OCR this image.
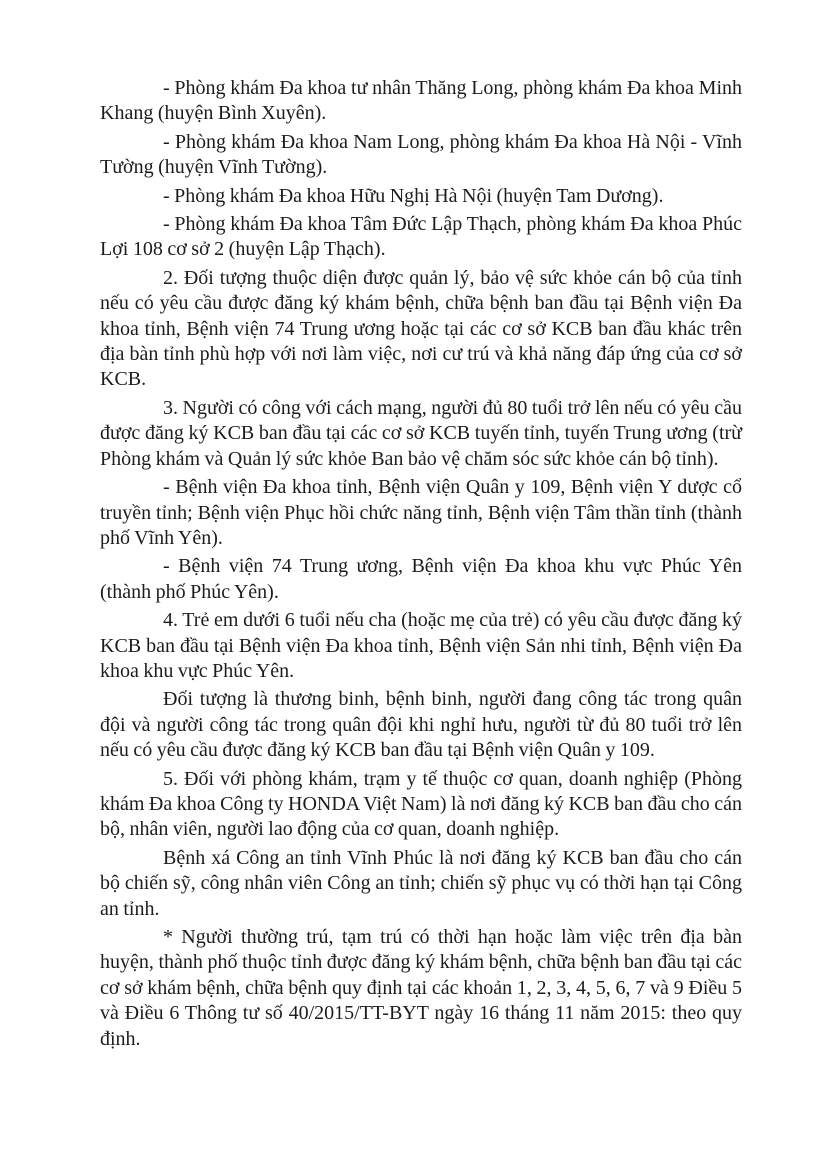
- Phòng khám Đa khoa tư nhân Thăng Long, phòng khám Đa khoa Minh Khang (huyện Bình Xuyên).

- Phòng khám Đa khoa Nam Long, phòng khám Đa khoa Hà Nội - Vĩnh Tường (huyện Vĩnh Tường).

- Phòng khám Đa khoa Hữu Nghị Hà Nội (huyện Tam Dương).

- Phòng khám Đa khoa Tâm Đức Lập Thạch, phòng khám Đa khoa Phúc Lợi 108 cơ sở 2 (huyện Lập Thạch).

2. Đối tượng thuộc diện được quản lý, bảo vệ sức khỏe cán bộ của tỉnh nếu có yêu cầu được đăng ký khám bệnh, chữa bệnh ban đầu tại Bệnh viện Đa khoa tỉnh, Bệnh viện 74 Trung ương hoặc tại các cơ sở KCB ban đầu khác trên địa bàn tỉnh phù hợp với nơi làm việc, nơi cư trú và khả năng đáp ứng của cơ sở KCB.

3. Người có công với cách mạng, người đủ 80 tuổi trở lên nếu có yêu cầu được đăng ký KCB ban đầu tại các cơ sở KCB tuyến tỉnh, tuyến Trung ương (trừ Phòng khám và Quản lý sức khỏe Ban bảo vệ chăm sóc sức khỏe cán bộ tỉnh).

- Bệnh viện Đa khoa tỉnh, Bệnh viện Quân y 109, Bệnh viện Y dược cổ truyền tỉnh; Bệnh viện Phục hồi chức năng tỉnh, Bệnh viện Tâm thần tỉnh (thành phố Vĩnh Yên).

- Bệnh viện 74 Trung ương, Bệnh viện Đa khoa khu vực Phúc Yên (thành phố Phúc Yên).

4. Trẻ em dưới 6 tuổi nếu cha (hoặc mẹ của trẻ) có yêu cầu được đăng ký KCB ban đầu tại Bệnh viện Đa khoa tỉnh, Bệnh viện Sản nhi tỉnh, Bệnh viện Đa khoa khu vực Phúc Yên.

Đối tượng là thương binh, bệnh binh, người đang công tác trong quân đội và người công tác trong quân đội khi nghỉ hưu, người từ đủ 80 tuổi trở lên nếu có yêu cầu được đăng ký KCB ban đầu tại Bệnh viện Quân y 109.

5. Đối với phòng khám, trạm y tế thuộc cơ quan, doanh nghiệp (Phòng khám Đa khoa Công ty HONDA Việt Nam) là nơi đăng ký KCB ban đầu cho cán bộ, nhân viên, người lao động của cơ quan, doanh nghiệp.

Bệnh xá Công an tỉnh Vĩnh Phúc là nơi đăng ký KCB ban đầu cho cán bộ chiến sỹ, công nhân viên Công an tỉnh; chiến sỹ phục vụ có thời hạn tại Công an tỉnh.

* Người thường trú, tạm trú có thời hạn hoặc làm việc trên địa bàn huyện, thành phố thuộc tỉnh được đăng ký khám bệnh, chữa bệnh ban đầu tại các cơ sở khám bệnh, chữa bệnh quy định tại các khoản 1, 2, 3, 4, 5, 6, 7 và 9 Điều 5 và Điều 6 Thông tư số 40/2015/TT-BYT ngày 16 tháng 11 năm 2015: theo quy định.
